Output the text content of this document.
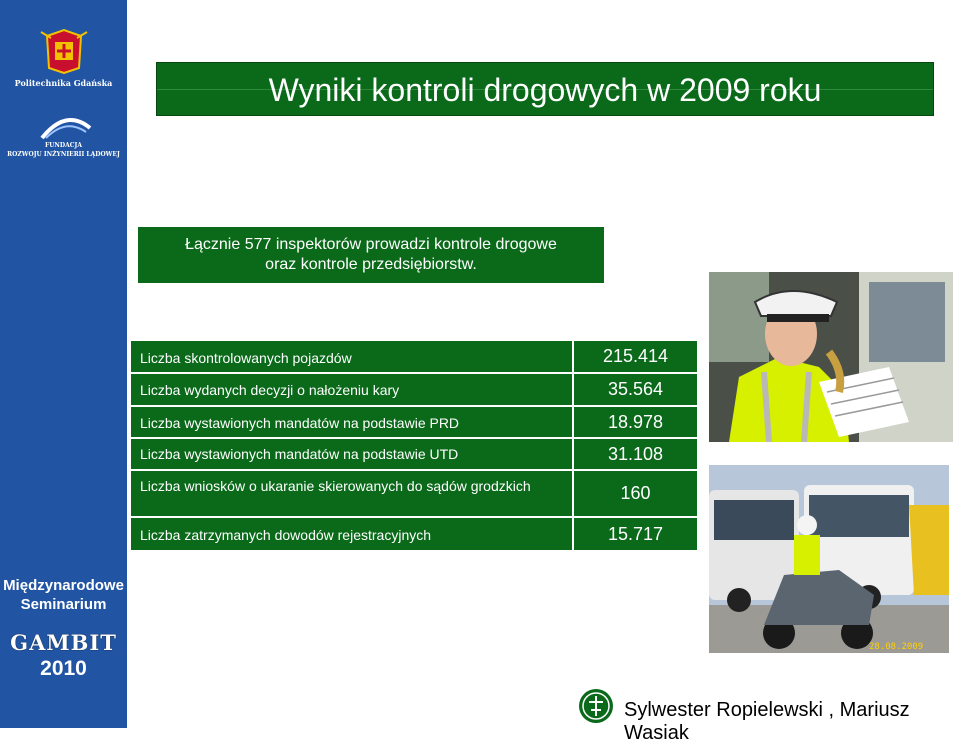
Politechnika Gdańska
FUNDACJA
ROZWOJU INŻYNIERII LĄDOWEJ
Międzynarodowe
Seminarium
GAMBIT
2010
Wyniki kontroli drogowych w 2009 roku
Łącznie 577 inspektorów prowadzi kontrole drogowe
oraz kontrole przedsiębiorstw.
Liczba skontrolowanych pojazdów	215.414
Liczba wydanych decyzji o nałożeniu kary	35.564
Liczba wystawionych mandatów na podstawie PRD	18.978
Liczba wystawionych mandatów na podstawie UTD	31.108
Liczba wniosków o ukaranie skierowanych do sądów grodzkich	160
Liczba zatrzymanych dowodów rejestracyjnych	15.717
28.08.2009
Sylwester Ropielewski , Mariusz Wasiak
